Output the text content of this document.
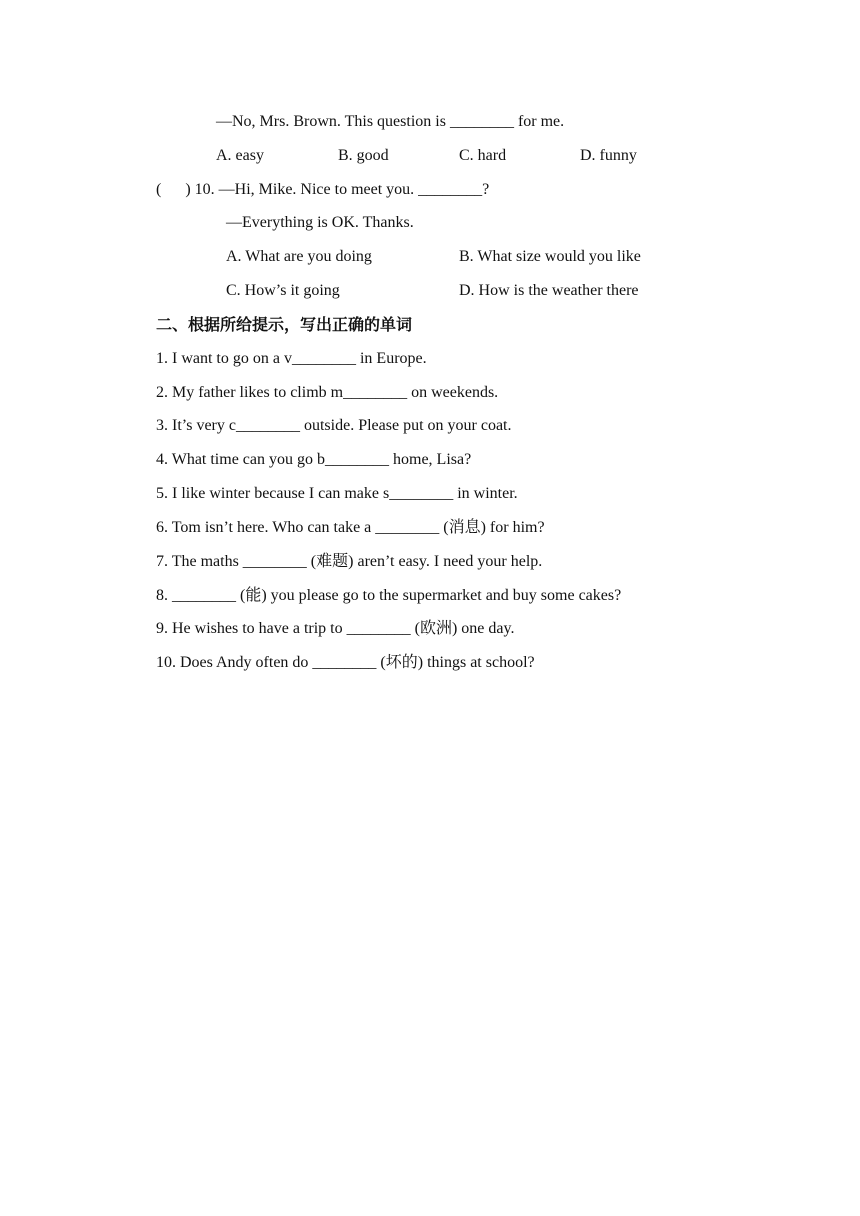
—No, Mrs. Brown. This question is ________ for me.
A. easy	B. good	C. hard	D. funny
(      ) 10. —Hi, Mike. Nice to meet you. ________?
—Everything is OK. Thanks.
A. What are you doing	B. What size would you like
C. How’s it going	D. How is the weather there
二、根据所给提示，写出正确的单词
1. I want to go on a v________ in Europe.
2. My father likes to climb m________ on weekends.
3. It’s very c________ outside. Please put on your coat.
4. What time can you go b________ home, Lisa?
5. I like winter because I can make s________ in winter.
6. Tom isn’t here. Who can take a ________ (消息) for him?
7. The maths ________ (难题) aren’t easy. I need your help.
8. ________ (能) you please go to the supermarket and buy some cakes?
9. He wishes to have a trip to ________ (欧洲) one day.
10. Does Andy often do ________ (坏的) things at school?
